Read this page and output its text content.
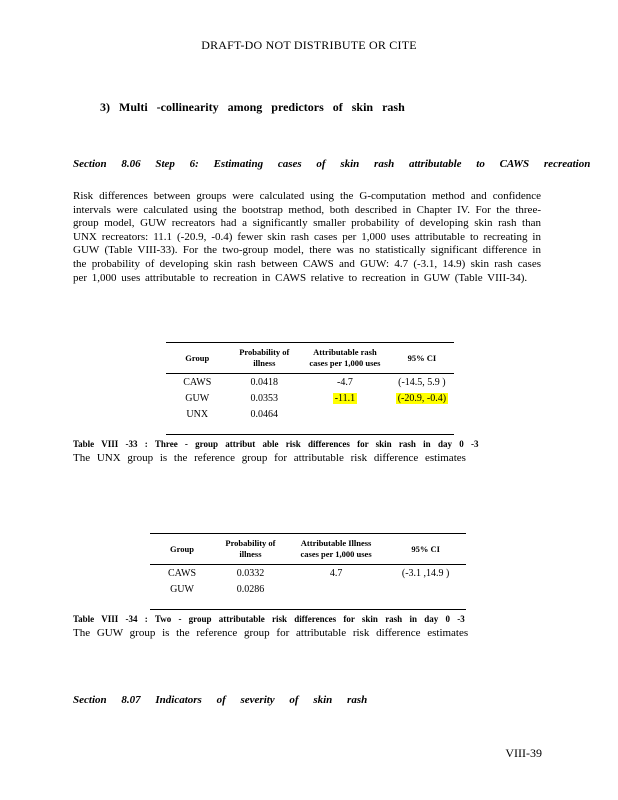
DRAFT-DO NOT DISTRIBUTE OR CITE
3) Multi -collinearity among predictors of skin rash
Section 8.06 Step 6: Estimating cases of skin rash attributable to CAWS recreation
Risk differences between groups were calculated using the G-computation method and confidence intervals were calculated using the bootstrap method, both described in Chapter IV. For the three-group model, GUW recreators had a significantly smaller probability of developing skin rash than UNX recreators: 11.1 (-20.9, -0.4) fewer skin rash cases per 1,000 uses attributable to recreating in GUW (Table VIII-33). For the two-group model, there was no statistically significant difference in the probability of developing skin rash between CAWS and GUW: 4.7 (-3.1, 14.9) skin rash cases per 1,000 uses attributable to recreation in CAWS relative to recreation in GUW (Table VIII-34).
Group	Probability of illness	Attributable rash cases per 1,000 uses	95% CI
CAWS	0.0418	-4.7	(-14.5, 5.9 )
GUW	0.0353	-11.1	(-20.9, -0.4)
UNX	0.0464		
Table VIII -33 : Three - group attribut able risk differences for skin rash in day 0 -3
The UNX group is the reference group for attributable risk difference estimates
Group	Probability of illness	Attributable Illness cases per 1,000 uses	95% CI
CAWS	0.0332	4.7	(-3.1 ,14.9 )
GUW	0.0286		
Table VIII -34 : Two - group attributable risk differences for skin rash in day 0 -3
The GUW group is the reference group for attributable risk difference estimates
Section 8.07 Indicators of severity of skin rash
VIII-39
